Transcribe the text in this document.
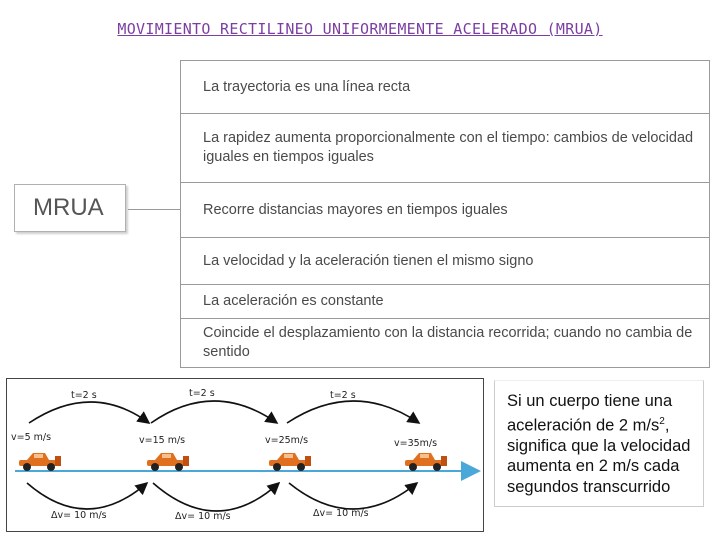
MOVIMIENTO RECTILINEO UNIFORMEMENTE ACELERADO (MRUA)
MRUA
La trayectoria es una línea recta
La rapidez aumenta proporcionalmente con el tiempo: cambios de velocidad iguales en tiempos iguales
Recorre distancias mayores en tiempos iguales
La velocidad y la aceleración tienen el mismo signo
La aceleración es constante
Coincide el desplazamiento con la distancia recorrida; cuando no cambia de sentido
t=2 s	t=2 s	t=2 s
v=5 m/s	v=15 m/s	v=25m/s	v=35m/s
Δv= 10 m/s	Δv= 10 m/s	Δv= 10 m/s
Si un cuerpo tiene una
aceleración de 2 $m/s^2$,
significa que la velocidad
aumenta en 2 m/s cada
segundos transcurrido
